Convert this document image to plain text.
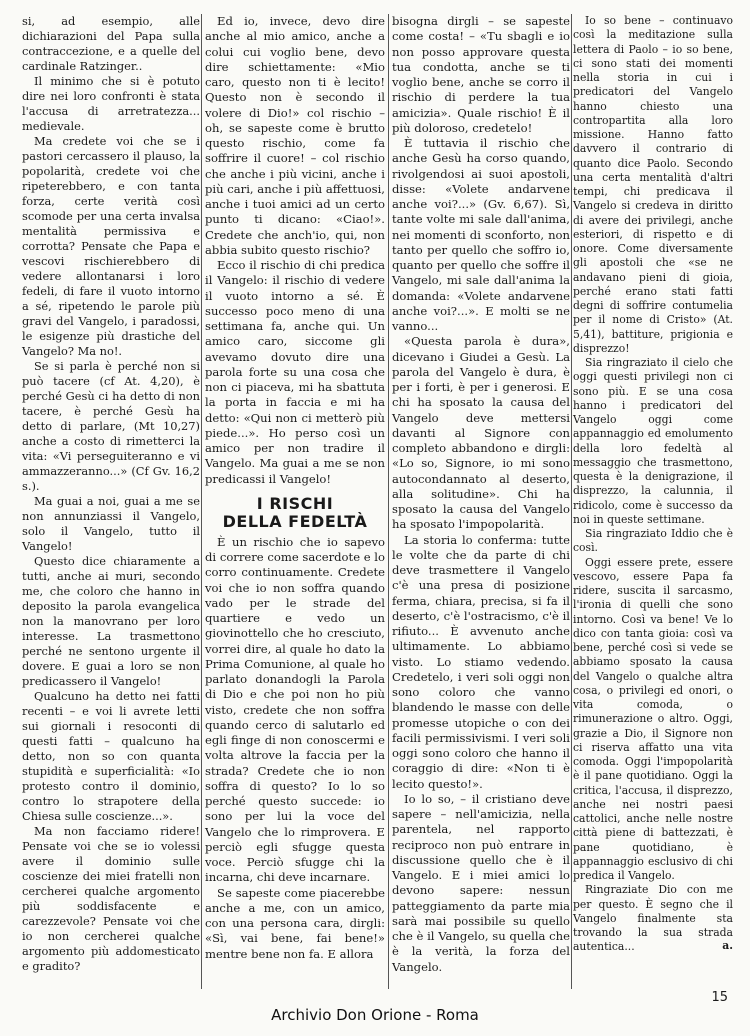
si, ad esempio, alle dichiarazioni del Papa sulla contraccezione, e a quelle del cardinale Ratzinger..

Il minimo che si è potuto dire nei loro confronti è stata l'accusa di arretratezza... medievale.

Ma credete voi che se i pastori cercassero il plauso, la popolarità, credete voi che ripeterebbero, e con tanta forza, certe verità così scomode per una certa invalsa mentalità permissiva e corrotta? Pensate che Papa e vescovi rischierebbero di vedere allontanarsi i loro fedeli, di fare il vuoto intorno a sé, ripetendo le parole più gravi del Vangelo, i paradossi, le esigenze più drastiche del Vangelo? Ma no!.

Se si parla è perché non si può tacere (cf At. 4,20), è perché Gesù ci ha detto di non tacere, è perché Gesù ha detto di parlare, (Mt 10,27) anche a costo di rimetterci la vita: «Vi perseguiteranno e vi ammazzeranno...» (Cf Gv. 16,2 s.).

Ma guai a noi, guai a me se non annunziassi il Vangelo, solo il Vangelo, tutto il Vangelo!

Questo dice chiaramente a tutti, anche ai muri, secondo me, che coloro che hanno in deposito la parola evangelica non la manovrano per loro interesse. La trasmettono perché ne sentono urgente il dovere. E guai a loro se non predicassero il Vangelo!

Qualcuno ha detto nei fatti recenti – e voi li avrete letti sui giornali i resoconti di questi fatti – qualcuno ha detto, non so con quanta stupidità e superficialità: «Io protesto contro il dominio, contro lo strapotere della Chiesa sulle coscienze...».

Ma non facciamo ridere! Pensate voi che se io volessi avere il dominio sulle coscienze dei miei fratelli non cercherei qualche argomento più soddisfacente e carezzevole? Pensate voi che io non cercherei qualche argomento più addomesticato e gradito?

Ed io, invece, devo dire anche al mio amico, anche a colui cui voglio bene, devo dire schiettamente: «Mio caro, questo non ti è lecito! Questo non è secondo il volere di Dio!» col rischio – oh, se sapeste come è brutto questo rischio, come fa soffrire il cuore! – col rischio che anche i più vicini, anche i più cari, anche i più affettuosi, anche i tuoi amici ad un certo punto ti dicano: «Ciao!». Credete che anch'io, qui, non abbia subito questo rischio?

Ecco il rischio di chi predica il Vangelo: il rischio di vedere il vuoto intorno a sé. È successo poco meno di una settimana fa, anche qui. Un amico caro, siccome gli avevamo dovuto dire una parola forte su una cosa che non ci piaceva, mi ha sbattuta la porta in faccia e mi ha detto: «Qui non ci metterò più piede...». Ho perso così un amico per non tradire il Vangelo. Ma guai a me se non predicassi il Vangelo!

I RISCHI
DELLA FEDELTÀ

È un rischio che io sapevo di correre come sacerdote e lo corro continuamente. Credete voi che io non soffra quando vado per le strade del quartiere e vedo un giovinottello che ho cresciuto, vorrei dire, al quale ho dato la Prima Comunione, al quale ho parlato donandogli la Parola di Dio e che poi non ho più visto, credete che non soffra quando cerco di salutarlo ed egli finge di non conoscermi e volta altrove la faccia per la strada? Credete che io non soffra di questo? Io lo so perché questo succede: io sono per lui la voce del Vangelo che lo rimprovera. E perciò egli sfugge questa voce. Perciò sfugge chi la incarna, chi deve incarnare.

Se sapeste come piacerebbe anche a me, con un amico, con una persona cara, dirgli: «Sì, vai bene, fai bene!» mentre bene non fa. E allora

bisogna dirgli – se sapeste come costa! – «Tu sbagli e io non posso approvare questa tua condotta, anche se ti voglio bene, anche se corro il rischio di perdere la tua amicizia». Quale rischio! È il più doloroso, credetelo!

È tuttavia il rischio che anche Gesù ha corso quando, rivolgendosi ai suoi apostoli, disse: «Volete andarvene anche voi?...» (Gv. 6,67). Sì, tante volte mi sale dall'anima, nei momenti di sconforto, non tanto per quello che soffro io, quanto per quello che soffre il Vangelo, mi sale dall'anima la domanda: «Volete andarvene anche voi?...». E molti se ne vanno...

«Questa parola è dura», dicevano i Giudei a Gesù. La parola del Vangelo è dura, è per i forti, è per i generosi. E chi ha sposato la causa del Vangelo deve mettersi davanti al Signore con completo abbandono e dirgli: «Lo so, Signore, io mi sono autocondannato al deserto, alla solitudine». Chi ha sposato la causa del Vangelo ha sposato l'impopolarità.

La storia lo conferma: tutte le volte che da parte di chi deve trasmettere il Vangelo c'è una presa di posizione ferma, chiara, precisa, si fa il deserto, c'è l'ostracismo, c'è il rifiuto... È avvenuto anche ultimamente. Lo abbiamo visto. Lo stiamo vedendo. Credetelo, i veri soli oggi non sono coloro che vanno blandendo le masse con delle promesse utopiche o con dei facili permissivismi. I veri soli oggi sono coloro che hanno il coraggio di dire: «Non ti è lecito questo!».

Io lo so, – il cristiano deve sapere – nell'amicizia, nella parentela, nel rapporto reciproco non può entrare in discussione quello che è il Vangelo. E i miei amici lo devono sapere: nessun patteggiamento da parte mia sarà mai possibile su quello che è il Vangelo, su quella che è la verità, la forza del Vangelo.

Io so bene – continuavo così la meditazione sulla lettera di Paolo – io so bene, ci sono stati dei momenti nella storia in cui i predicatori del Vangelo hanno chiesto una contropartita alla loro missione. Hanno fatto davvero il contrario di quanto dice Paolo. Secondo una certa mentalità d'altri tempi, chi predicava il Vangelo si credeva in diritto di avere dei privilegi, anche esteriori, di rispetto e di onore. Come diversamente gli apostoli che «se ne andavano pieni di gioia, perché erano stati fatti degni di soffrire contumelia per il nome di Cristo» (At. 5,41), battiture, prigionia e disprezzo!

Sia ringraziato il cielo che oggi questi privilegi non ci sono più. E se una cosa hanno i predicatori del Vangelo oggi come appannaggio ed emolumento della loro fedeltà al messaggio che trasmettono, questa è la denigrazione, il disprezzo, la calunnia, il ridicolo, come è successo da noi in queste settimane.

Sia ringraziato Iddio che è così.

Oggi essere prete, essere vescovo, essere Papa fa ridere, suscita il sarcasmo, l'ironia di quelli che sono intorno. Così va bene! Ve lo dico con tanta gioia: così va bene, perché così si vede se abbiamo sposato la causa del Vangelo o qualche altra cosa, o privilegi ed onori, o vita comoda, o rimunerazione o altro. Oggi, grazie a Dio, il Signore non ci riserva affatto una vita comoda. Oggi l'impopolarità è il pane quotidiano. Oggi la critica, l'accusa, il disprezzo, anche nei nostri paesi cattolici, anche nelle nostre città piene di battezzati, è pane quotidiano, è appannaggio esclusivo di chi predica il Vangelo.

Ringraziate Dio con me per questo. È segno che il Vangelo finalmente sta trovando la sua strada autentica...	a.
15
Archivio Don Orione - Roma
